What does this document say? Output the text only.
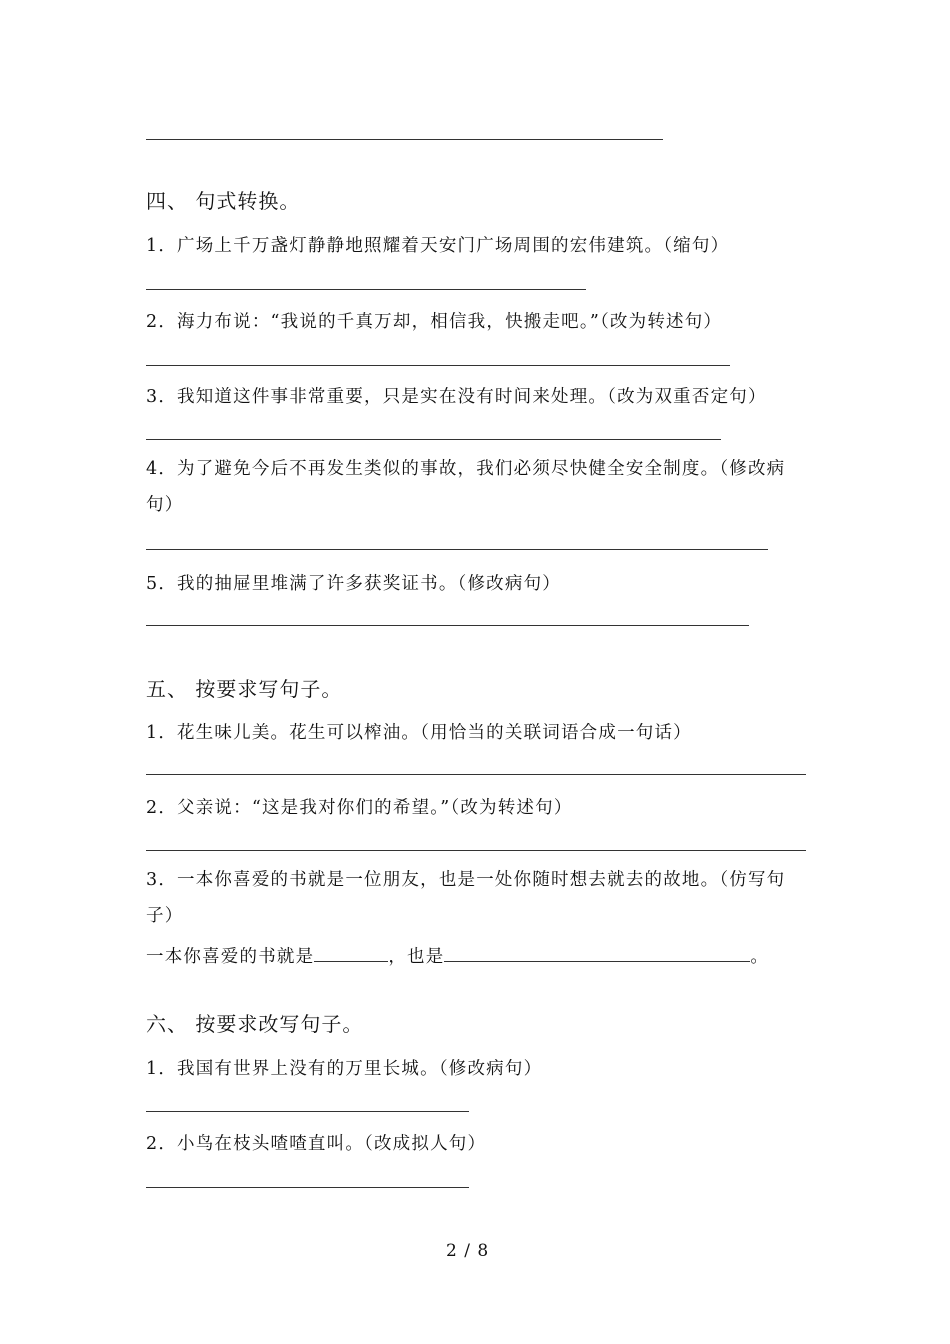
四、 句式转换。
1．广场上千万盏灯静静地照耀着天安门广场周围的宏伟建筑。（缩句）
2．海力布说：“我说的千真万却，相信我，快搬走吧。”（改为转述句）
3．我知道这件事非常重要，只是实在没有时间来处理。（改为双重否定句）
4．为了避免今后不再发生类似的事故，我们必须尽快健全安全制度。（修改病句）
5．我的抽屉里堆满了许多获奖证书。（修改病句）
五、 按要求写句子。
1．花生味儿美。花生可以榨油。（用恰当的关联词语合成一句话）
2．父亲说：“这是我对你们的希望。”（改为转述句）
3．一本你喜爱的书就是一位朋友，也是一处你随时想去就去的故地。（仿写句子）
一本你喜爱的书就是	，也是	。
六、 按要求改写句子。
1．我国有世界上没有的万里长城。（修改病句）
2．小鸟在枝头喳喳直叫。（改成拟人句）
2 / 8
